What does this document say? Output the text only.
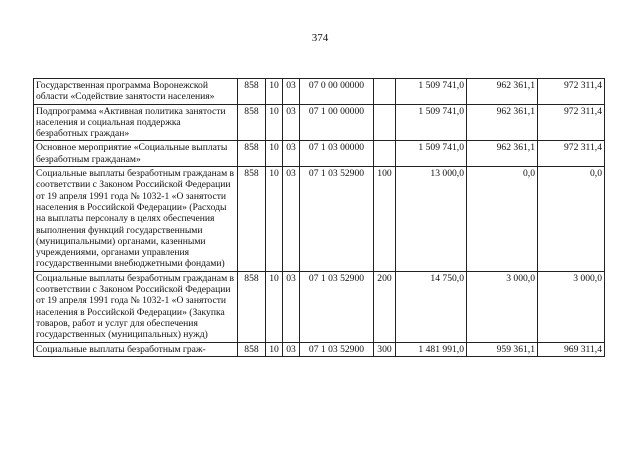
374
Государственная программа Воронежской области «Содействие занятости населения»	858	10	03	07 0 00 00000		1 509 741,0	962 361,1	972 311,4
Подпрограмма «Активная политика занятости населения и социальная поддержка безработных граждан»	858	10	03	07 1 00 00000		1 509 741,0	962 361,1	972 311,4
Основное мероприятие «Социальные выплаты безработным гражданам»	858	10	03	07 1 03 00000		1 509 741,0	962 361,1	972 311,4
Социальные выплаты безработным гражданам в соответствии с Законом Российской Федерации от 19 апреля 1991 года № 1032-1 «О занятости населения в Российской Федерации» (Расходы на выплаты персоналу в целях обеспечения выполнения функций государственными (муниципальными) органами, казенными учреждениями, органами управления государственными внебюджетными фондами)	858	10	03	07 1 03 52900	100	13 000,0	0,0	0,0
Социальные выплаты безработным гражданам в соответствии с Законом Российской Федерации от 19 апреля 1991 года № 1032-1 «О занятости населения в Российской Федерации» (Закупка товаров, работ и услуг для обеспечения государственных (муниципальных) нужд)	858	10	03	07 1 03 52900	200	14 750,0	3 000,0	3 000,0
Социальные выплаты безработным граж-	858	10	03	07 1 03 52900	300	1 481 991,0	959 361,1	969 311,4
